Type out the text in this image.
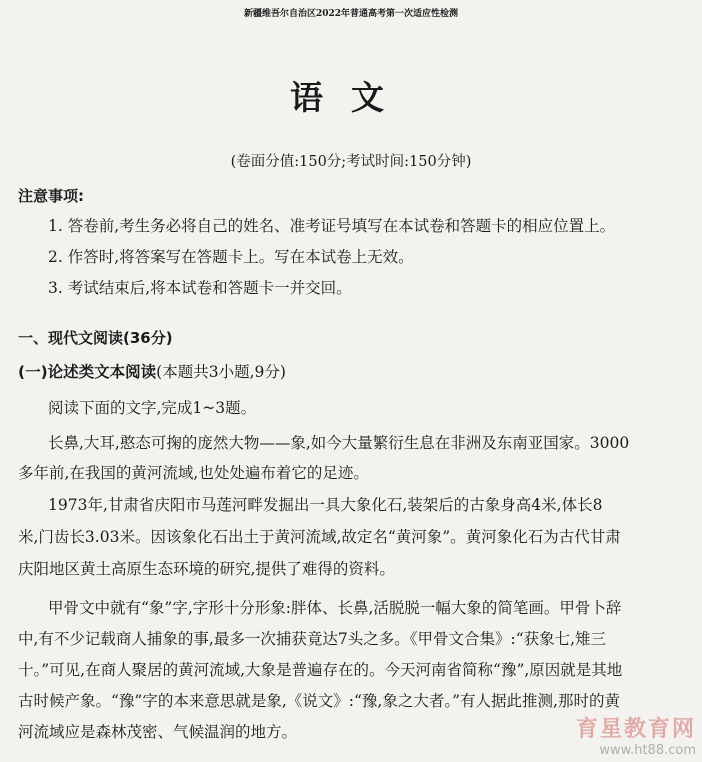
新疆维吾尔自治区2022年普通高考第一次适应性检测
语文
(卷面分值:150分;考试时间:150分钟)
注意事项:
1. 答卷前,考生务必将自己的姓名、准考证号填写在本试卷和答题卡的相应位置上。
2. 作答时,将答案写在答题卡上。写在本试卷上无效。
3. 考试结束后,将本试卷和答题卡一并交回。
一、现代文阅读(36分)
(一)论述类文本阅读(本题共3小题,9分)
阅读下面的文字,完成1~3题。
长鼻,大耳,憨态可掬的庞然大物——象,如今大量繁衍生息在非洲及东南亚国家。3000
多年前,在我国的黄河流域,也处处遍布着它的足迹。
1973年,甘肃省庆阳市马莲河畔发掘出一具大象化石,装架后的古象身高4米,体长8
米,门齿长3.03米。因该象化石出土于黄河流域,故定名“黄河象”。黄河象化石为古代甘肃
庆阳地区黄土高原生态环境的研究,提供了难得的资料。
甲骨文中就有“象”字,字形十分形象:胖体、长鼻,活脱脱一幅大象的简笔画。甲骨卜辞
中,有不少记载商人捕象的事,最多一次捕获竟达7头之多。《甲骨文合集》:“获象七,雉三
十。”可见,在商人聚居的黄河流域,大象是普遍存在的。今天河南省简称“豫”,原因就是其地
古时候产象。“豫”字的本来意思就是象,《说文》:“豫,象之大者。”有人据此推测,那时的黄
河流域应是森林茂密、气候温润的地方。	育星教育网
www.ht88.com
